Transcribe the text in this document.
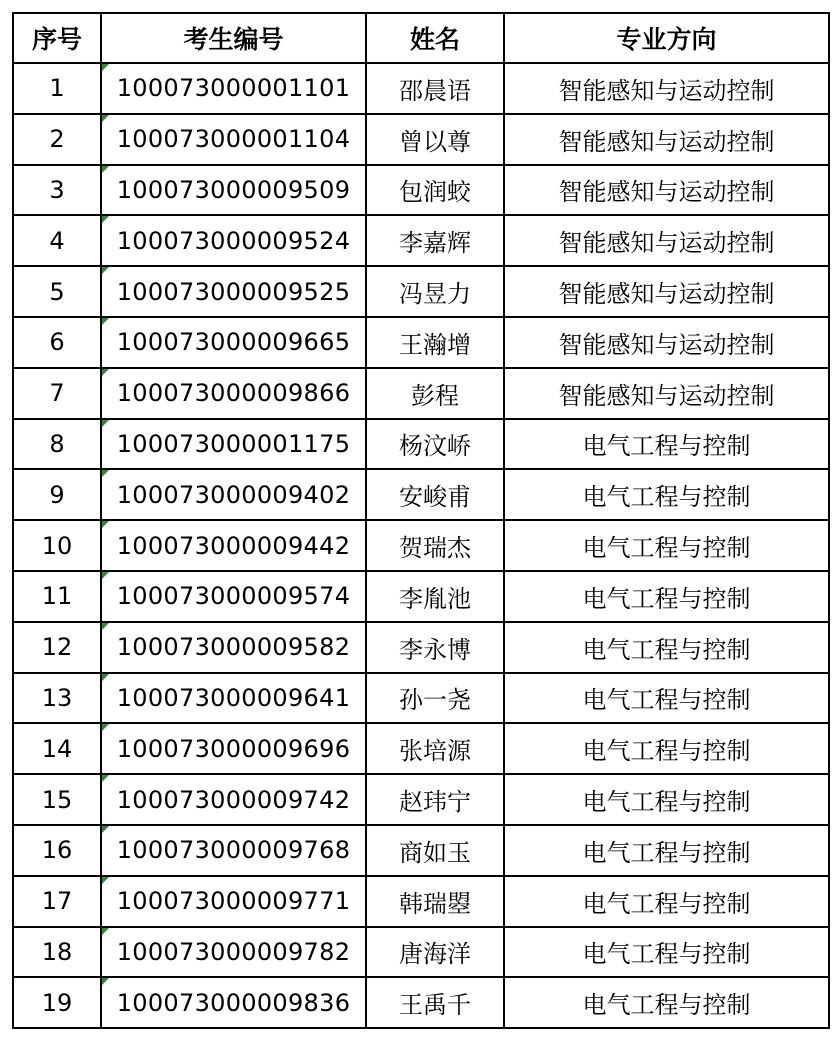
序号	考生编号	姓名	专业方向
1	100073000001101	邵晨语	智能感知与运动控制
2	100073000001104	曾以尊	智能感知与运动控制
3	100073000009509	包润蛟	智能感知与运动控制
4	100073000009524	李嘉辉	智能感知与运动控制
5	100073000009525	冯昱力	智能感知与运动控制
6	100073000009665	王瀚增	智能感知与运动控制
7	100073000009866	彭程	智能感知与运动控制
8	100073000001175	杨汶峤	电气工程与控制
9	100073000009402	安峻甫	电气工程与控制
10	100073000009442	贺瑞杰	电气工程与控制
11	100073000009574	李胤池	电气工程与控制
12	100073000009582	李永博	电气工程与控制
13	100073000009641	孙一尧	电气工程与控制
14	100073000009696	张培源	电气工程与控制
15	100073000009742	赵玮宁	电气工程与控制
16	100073000009768	商如玉	电气工程与控制
17	100073000009771	韩瑞曌	电气工程与控制
18	100073000009782	唐海洋	电气工程与控制
19	100073000009836	王禹千	电气工程与控制
